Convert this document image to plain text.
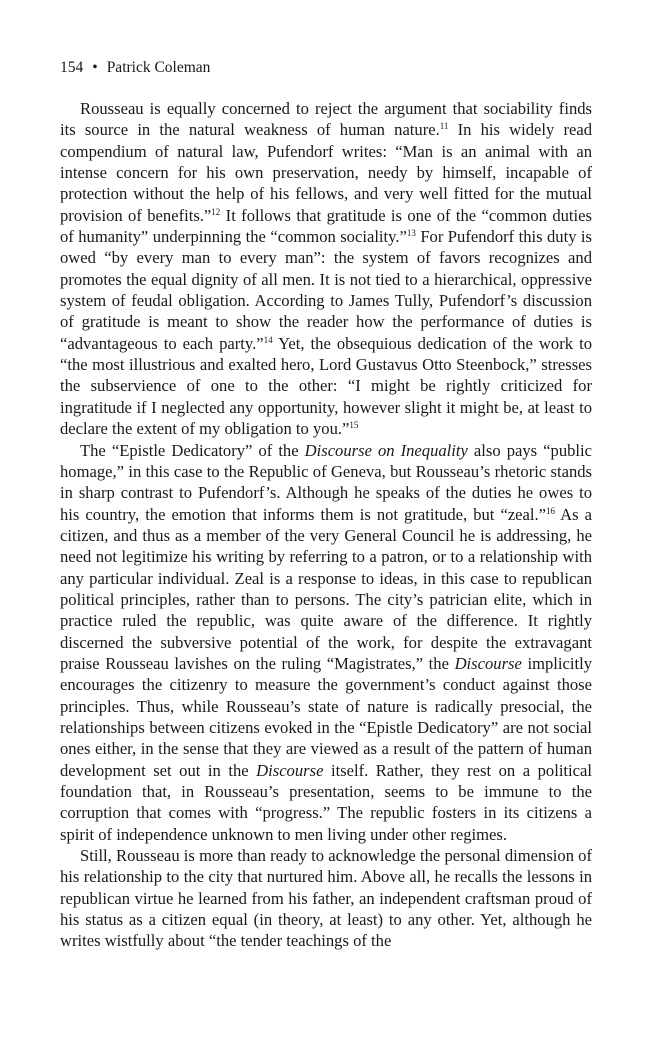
154 • Patrick Coleman

Rousseau is equally concerned to reject the argument that sociability finds its source in the natural weakness of human nature.$^{11}$ In his widely read compendium of natural law, Pufendorf writes: “Man is an animal with an intense concern for his own preservation, needy by himself, incapable of protection without the help of his fellows, and very well fitted for the mutual provision of benefits.”$^{12}$ It follows that gratitude is one of the “common duties of humanity” underpinning the “common sociality.”$^{13}$ For Pufendorf this duty is owed “by every man to every man”: the system of favors recognizes and promotes the equal dignity of all men. It is not tied to a hierarchical, oppressive system of feudal obligation. According to James Tully, Pufendorf’s discussion of gratitude is meant to show the reader how the performance of duties is “advantageous to each party.”$^{14}$ Yet, the obsequious dedication of the work to “the most illustrious and exalted hero, Lord Gustavus Otto Steenbock,” stresses the subservience of one to the other: “I might be rightly criticized for ingratitude if I neglected any opportunity, however slight it might be, at least to declare the extent of my obligation to you.”$^{15}$

The “Epistle Dedicatory” of the Discourse on Inequality also pays “public homage,” in this case to the Republic of Geneva, but Rousseau’s rhetoric stands in sharp contrast to Pufendorf’s. Although he speaks of the duties he owes to his country, the emotion that informs them is not gratitude, but “zeal.”$^{16}$ As a citizen, and thus as a member of the very General Council he is addressing, he need not legitimize his writing by referring to a patron, or to a relationship with any particular individual. Zeal is a response to ideas, in this case to republican political principles, rather than to persons. The city’s patrician elite, which in practice ruled the republic, was quite aware of the difference. It rightly discerned the subversive potential of the work, for despite the extravagant praise Rousseau lavishes on the ruling “Magistrates,” the Discourse implicitly encourages the citizenry to measure the government’s conduct against those principles. Thus, while Rousseau’s state of nature is radically presocial, the relationships between citizens evoked in the “Epistle Dedicatory” are not social ones either, in the sense that they are viewed as a result of the pattern of human development set out in the Discourse itself. Rather, they rest on a political foundation that, in Rousseau’s presentation, seems to be immune to the corruption that comes with “progress.” The republic fosters in its citizens a spirit of independence unknown to men living under other regimes.

Still, Rousseau is more than ready to acknowledge the personal dimension of his relationship to the city that nurtured him. Above all, he recalls the lessons in republican virtue he learned from his father, an independent craftsman proud of his status as a citizen equal (in theory, at least) to any other. Yet, although he writes wistfully about “the tender teachings of the
